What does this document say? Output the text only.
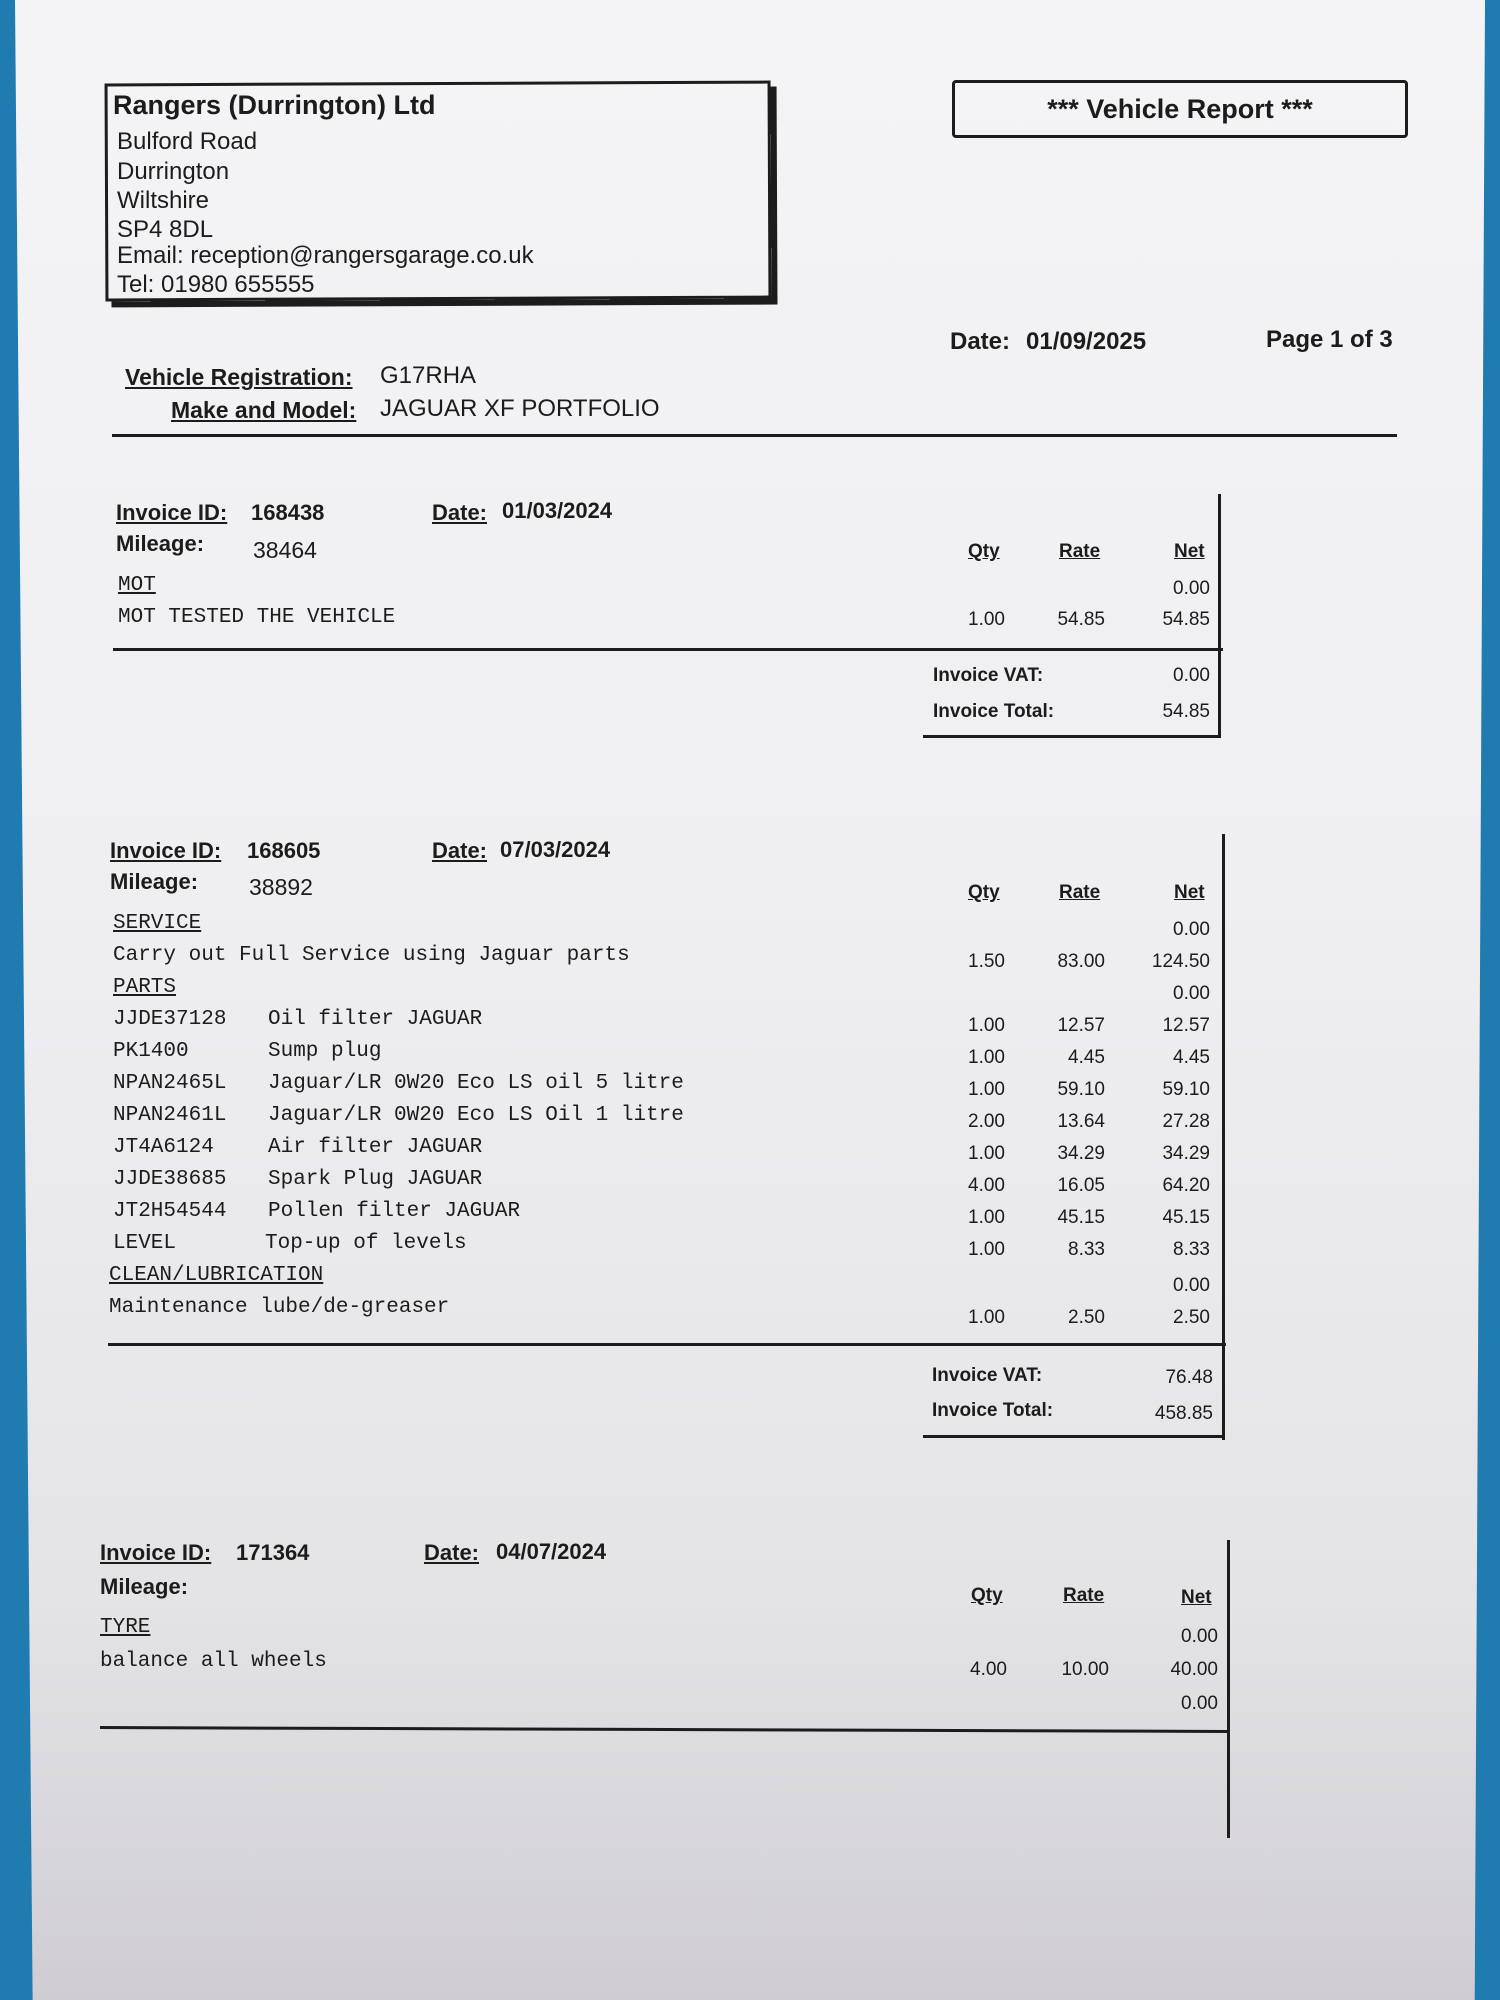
Rangers (Durrington) Ltd
Bulford Road
Durrington
Wiltshire
SP4 8DL
Email: reception@rangersgarage.co.uk
Tel: 01980 655555
*** Vehicle Report ***
Date: 01/09/2025	Page 1 of 3
Vehicle Registration: G17RHA
Make and Model: JAGUAR XF PORTFOLIO
Invoice ID: 168438	Date: 01/03/2024
Mileage: 38464	Qty	Rate	Net
MOT	0.00
MOT TESTED THE VEHICLE	1.00	54.85	54.85
Invoice VAT:	0.00
Invoice Total:	54.85
Invoice ID: 168605	Date: 07/03/2024
Mileage: 38892	Qty	Rate	Net
SERVICE	0.00
Carry out Full Service using Jaguar parts	1.50	83.00	124.50
PARTS	0.00
JJDE37128 Oil filter JAGUAR	1.00	12.57	12.57
PK1400	Sump plug	1.00	4.45	4.45
NPAN2465L Jaguar/LR 0W20 Eco LS oil 5 litre	1.00	59.10	59.10
NPAN2461L Jaguar/LR 0W20 Eco LS Oil 1 litre	2.00	13.64	27.28
JT4A6124	Air filter JAGUAR	1.00	34.29	34.29
JJDE38685 Spark Plug JAGUAR	4.00	16.05	64.20
JT2H54544 Pollen filter JAGUAR	1.00	45.15	45.15
LEVEL	Top-up of levels	1.00	8.33	8.33
CLEAN/LUBRICATION	0.00
Maintenance lube/de-greaser	1.00	2.50	2.50
Invoice VAT:	76.48
Invoice Total:	458.85
Invoice ID: 171364	Date: 04/07/2024
Mileage:	Qty	Rate	Net
TYRE	0.00
balance all wheels	4.00	10.00	40.00
0.00
